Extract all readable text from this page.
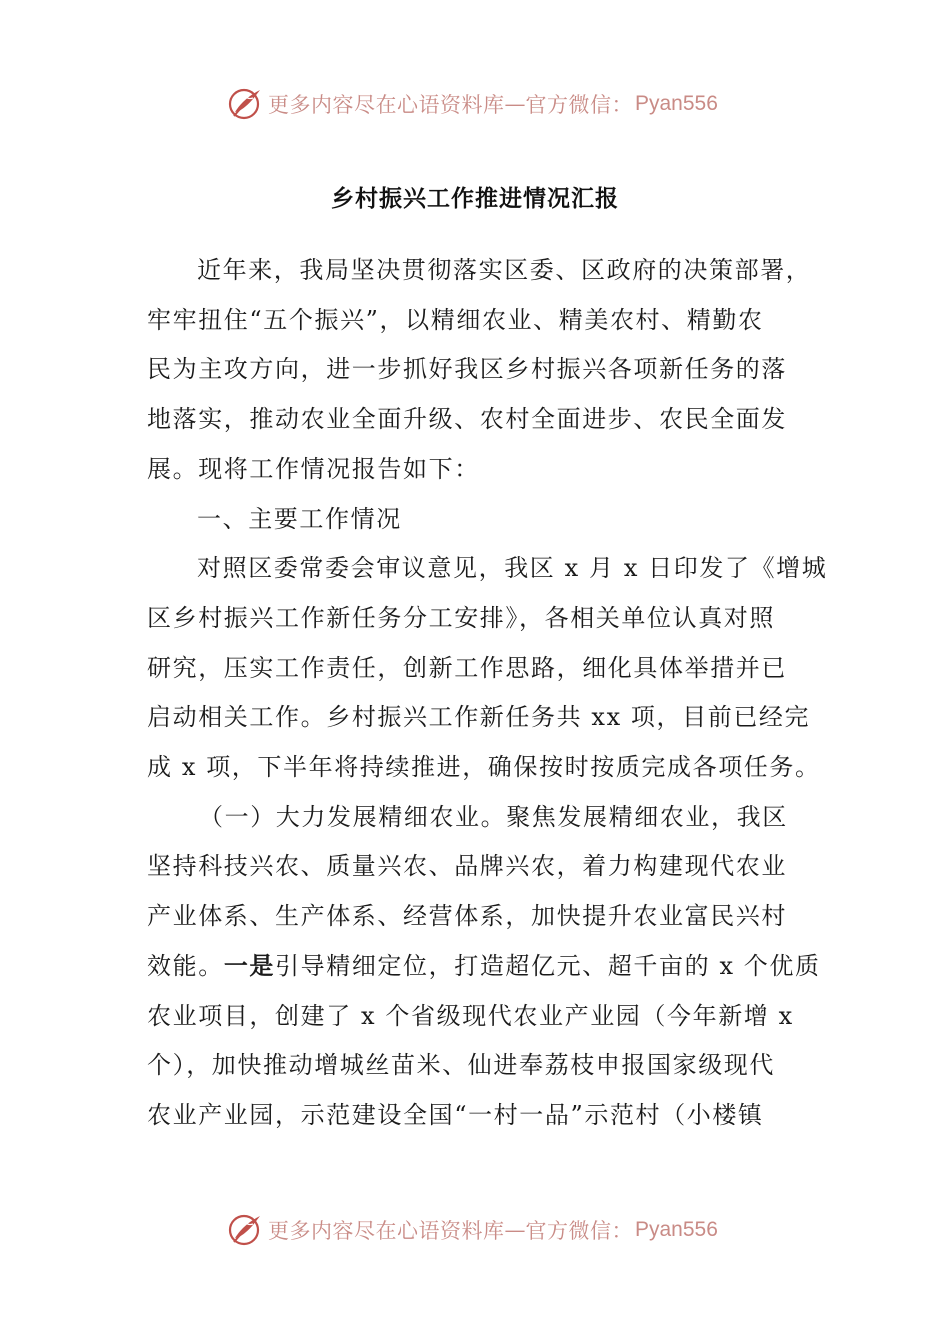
更多内容尽在心语资料库 — 官方微信： Pyan556
乡村振兴工作推进情况汇报

近年来，我局坚决贯彻落实区委、区政府的决策部署，
牢牢扭住“五个振兴”，以精细农业、精美农村、精勤农
民为主攻方向，进一步抓好我区乡村振兴各项新任务的落
地落实，推动农业全面升级、农村全面进步、农民全面发
展。现将工作情况报告如下：

一、主要工作情况

对照区委常委会审议意见，我区 x 月 x 日印发了《增城
区乡村振兴工作新任务分工安排》，各相关单位认真对照
研究，压实工作责任，创新工作思路，细化具体举措并已
启动相关工作。乡村振兴工作新任务共 xx 项，目前已经完
成 x 项，下半年将持续推进，确保按时按质完成各项任务。

（一）大力发展精细农业。聚焦发展精细农业，我区
坚持科技兴农、质量兴农、品牌兴农，着力构建现代农业
产业体系、生产体系、经营体系，加快提升农业富民兴村
效能。一是引导精细定位，打造超亿元、超千亩的 x 个优质
农业项目，创建了 x 个省级现代农业产业园（今年新增 x
个），加快推动增城丝苗米、仙进奉荔枝申报国家级现代
农业产业园，示范建设全国“一村一品”示范村（小楼镇

更多内容尽在心语资料库 — 官方微信： Pyan556
